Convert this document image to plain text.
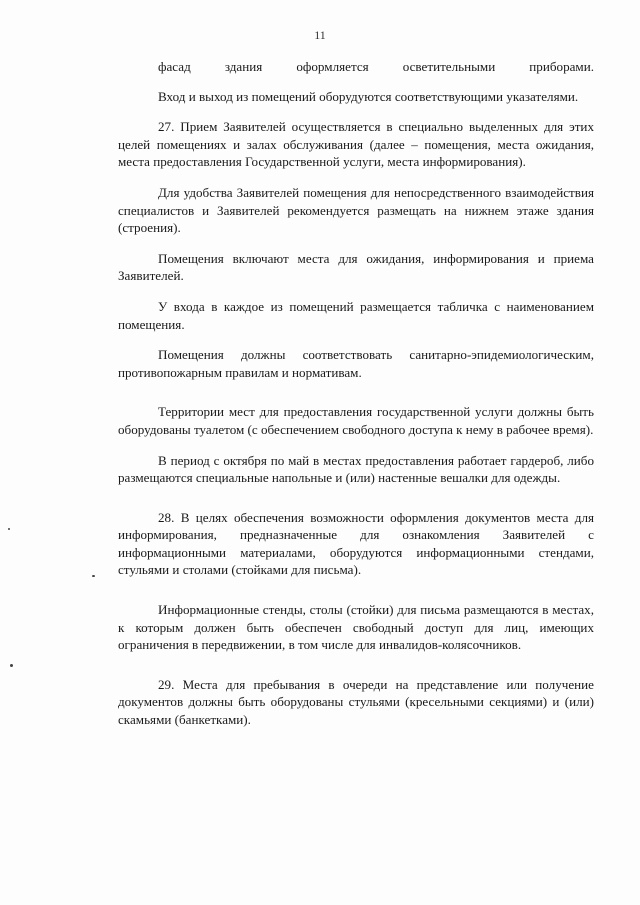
11

фасад здания оформляется осветительными приборами.

Вход и выход из помещений оборудуются соответствующими указателями.

27. Прием Заявителей осуществляется в специально выделенных для этих целей помещениях и залах обслуживания (далее – помещения, места ожидания, места предоставления Государственной услуги, места информирования).

Для удобства Заявителей помещения для непосредственного взаимодействия специалистов и Заявителей рекомендуется размещать на нижнем этаже здания (строения).

Помещения включают места для ожидания, информирования и приема Заявителей.

У входа в каждое из помещений размещается табличка с наименованием помещения.

Помещения должны соответствовать санитарно-эпидемиологическим, противопожарным правилам и нормативам.

Территории мест для предоставления государственной услуги должны быть оборудованы туалетом (с обеспечением свободного доступа к нему в рабочее время).

В период с октября по май в местах предоставления работает гардероб, либо размещаются специальные напольные и (или) настенные вешалки для одежды.

28. В целях обеспечения возможности оформления документов места для информирования, предназначенные для ознакомления Заявителей с информационными материалами, оборудуются информационными стендами, стульями и столами (стойками для письма).

Информационные стенды, столы (стойки) для письма размещаются в местах, к которым должен быть обеспечен свободный доступ для лиц, имеющих ограничения в передвижении, в том числе для инвалидов-колясочников.

29. Места для пребывания в очереди на представление или получение документов должны быть оборудованы стульями (кресельными секциями) и (или) скамьями (банкетками).
